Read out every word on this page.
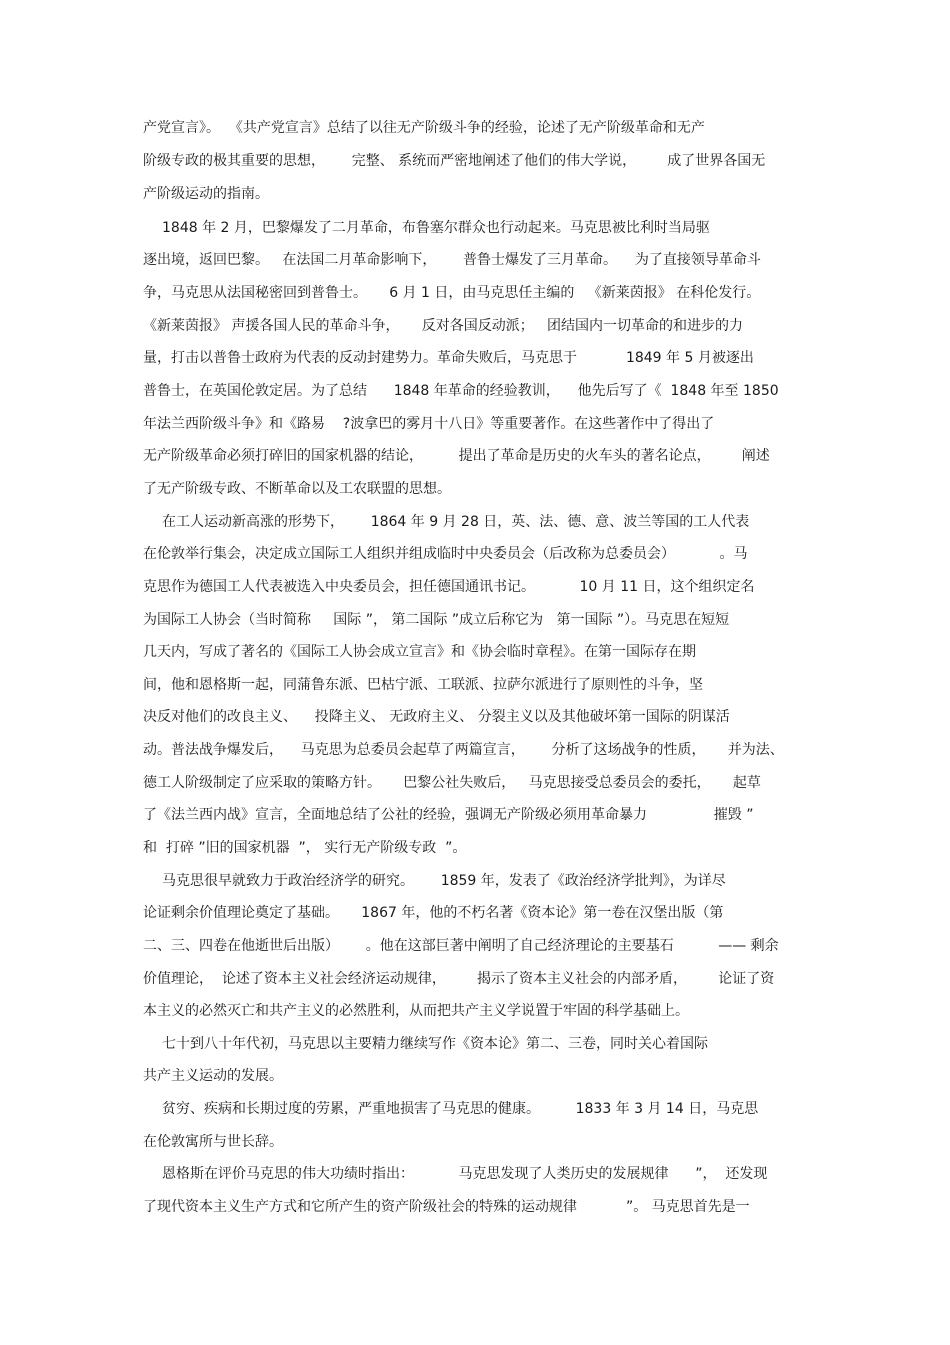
产党宣言》。  《共产党宣言》总结了以往无产阶级斗争的经验，论述了无产阶级革命和无产
阶级专政的极其重要的思想，      完整、 系统而严密地阐述了他们的伟大学说，       成了世界各国无
产阶级运动的指南。
1848 年 2 月，巴黎爆发了二月革命，布鲁塞尔群众也行动起来。马克思被比利时当局驱
逐出境，返回巴黎。   在法国二月革命影响下，      普鲁士爆发了三月革命。    为了直接领导革命斗
争，马克思从法国秘密回到普鲁士。     6 月 1 日，由马克思任主编的   《新莱茵报》 在科伦发行。
《新莱茵报》 声援各国人民的革命斗争，     反对各国反动派；   团结国内一切革命的和进步的力
量，打击以普鲁士政府为代表的反动封建势力。革命失败后，马克思于           1849 年 5 月被逐出
普鲁士，在英国伦敦定居。为了总结      1848 年革命的经验教训，    他先后写了《  1848 年至 1850
年法兰西阶级斗争》和《路易    ?波拿巴的雾月十八日》等重要著作。在这些著作中了得出了
无产阶级革命必须打碎旧的国家机器的结论，        提出了革命是历史的火车头的著名论点，       阐述
了无产阶级专政、不断革命以及工农联盟的思想。
在工人运动新高涨的形势下，      1864 年 9 月 28 日，英、法、德、意、波兰等国的工人代表
在伦敦举行集会，决定成立国际工人组织并组成临时中央委员会（后改称为总委员会）          。马
克思作为德国工人代表被选入中央委员会，担任德国通讯书记。          10 月 11 日，这个组织定名
为国际工人协会（当时简称     国际 ”， 第二国际 ”成立后称它为   第一国际 ”）。马克思在短短
几天内，写成了著名的《国际工人协会成立宣言》和《协会临时章程》。在第一国际存在期
间，他和恩格斯一起，同蒲鲁东派、巴枯宁派、工联派、拉萨尔派进行了原则性的斗争，坚
决反对他们的改良主义、    投降主义、 无政府主义、 分裂主义以及其他破坏第一国际的阴谋活
动。普法战争爆发后，    马克思为总委员会起草了两篇宣言，      分析了这场战争的性质，     并为法、
德工人阶级制定了应采取的策略方针。     巴黎公社失败后，   马克思接受总委员会的委托，     起草
了《法兰西内战》宣言，全面地总结了公社的经验，强调无产阶级必须用革命暴力               摧毁 ”
和  打碎 ”旧的国家机器  ”， 实行无产阶级专政  ”。
马克思很早就致力于政治经济学的研究。      1859 年，发表了《政治经济学批判》，为详尽
论证剩余价值理论奠定了基础。     1867 年，他的不朽名著《资本论》第一卷在汉堡出版（第
二、三、四卷在他逝世后出版）      。他在这部巨著中阐明了自己经济理论的主要基石          —— 剩余
价值理论，  论述了资本主义社会经济运动规律，       揭示了资本主义社会的内部矛盾，       论证了资
本主义的必然灭亡和共产主义的必然胜利，从而把共产主义学说置于牢固的科学基础上。
七十到八十年代初，马克思以主要精力继续写作《资本论》第二、三卷，同时关心着国际
共产主义运动的发展。
贫穷、疾病和长期过度的劳累，严重地损害了马克思的健康。        1833 年 3 月 14 日，马克思
在伦敦寓所与世长辞。
恩格斯在评价马克思的伟大功绩时指出：          马克思发现了人类历史的发展规律      ”，  还发现
了现代资本主义生产方式和它所产生的资产阶级社会的特殊的运动规律           ”。 马克思首先是一
